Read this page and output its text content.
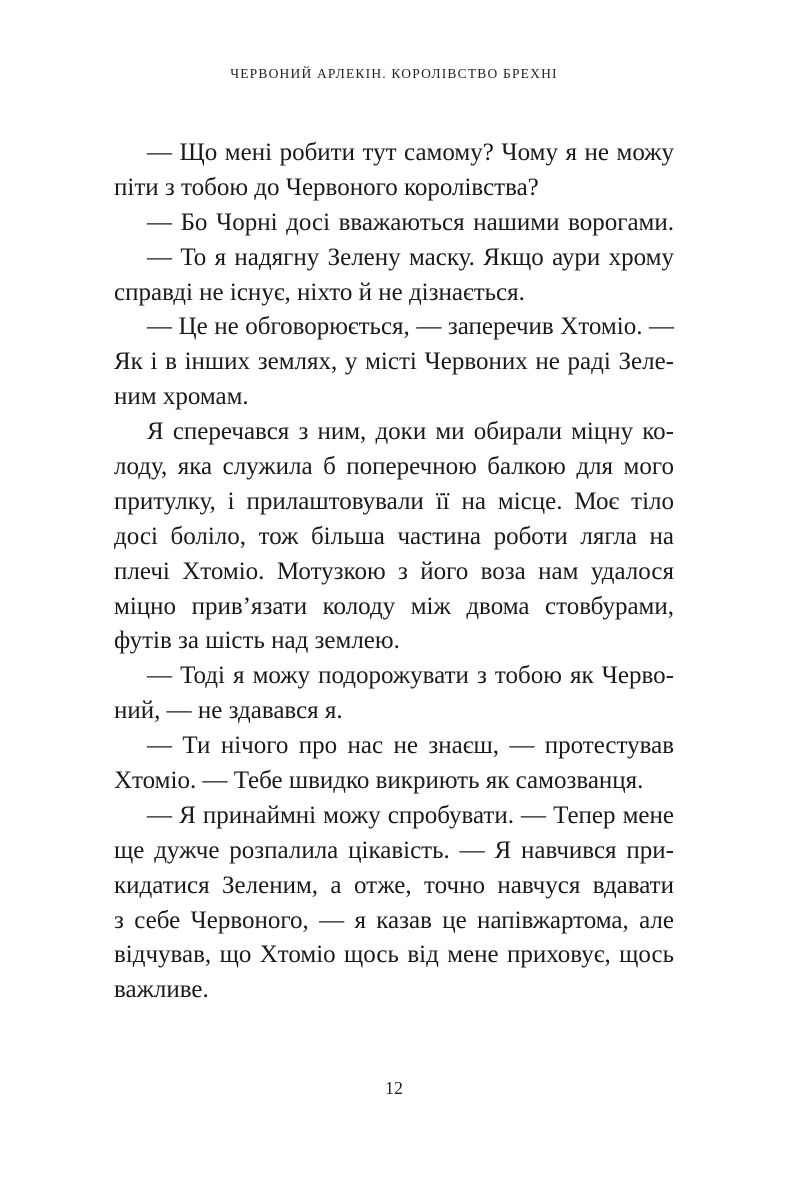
ЧЕРВОНИЙ АРЛЕКІН. КОРОЛІВСТВО БРЕХНІ
— Що мені робити тут самому? Чому я не можу
піти з тобою до Червоного королівства?
— Бо Чорні досі вважаються нашими ворогами.
— То я надягну Зелену маску. Якщо аури хрому
справді не існує, ніхто й не дізнається.
— Це не обговорюється, — заперечив Хтоміо. —
Як і в інших землях, у місті Червоних не раді Зеле-
ним хромам.
Я сперечався з ним, доки ми обирали міцну ко-
лоду, яка служила б поперечною балкою для мого
притулку, і прилаштовували її на місце. Моє тіло
досі боліло, тож більша частина роботи лягла на
плечі Хтоміо. Мотузкою з його воза нам удалося
міцно прив’язати колоду між двома стовбурами,
футів за шість над землею.
— Тоді я можу подорожувати з тобою як Черво-
ний, — не здавався я.
— Ти нічого про нас не знаєш, — протестував
Хтоміо. — Тебе швидко викриють як самозванця.
— Я принаймні можу спробувати. — Тепер мене
ще дужче розпалила цікавість. — Я навчився при-
кидатися Зеленим, а отже, точно навчуся вдавати
з себе Червоного, — я казав це напівжартома, але
відчував, що Хтоміо щось від мене приховує, щось
важливе.
12
